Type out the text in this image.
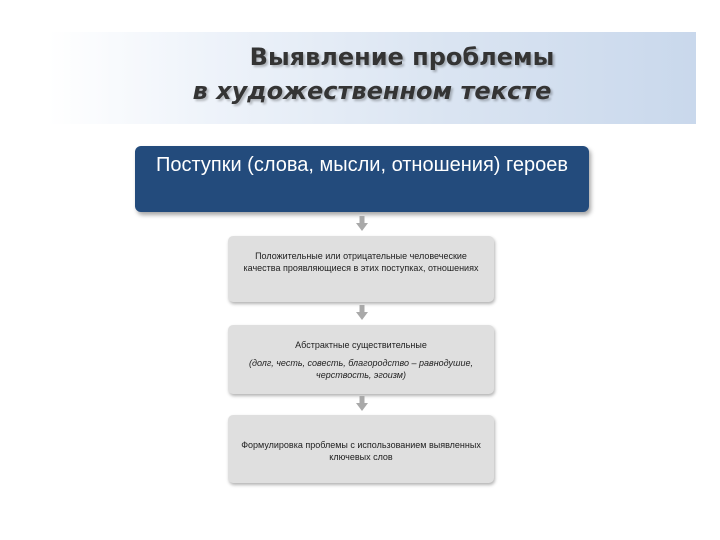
Выявление проблемы
в художественном тексте
Поступки (слова, мысли, отношения) героев
Положительные или отрицательные человеческие качества проявляющиеся в этих поступках, отношениях
Абстрактные существительные
(долг, честь, совесть, благородство – равнодушие, черствость, эгоизм)
Формулировка проблемы с использованием выявленных ключевых слов
